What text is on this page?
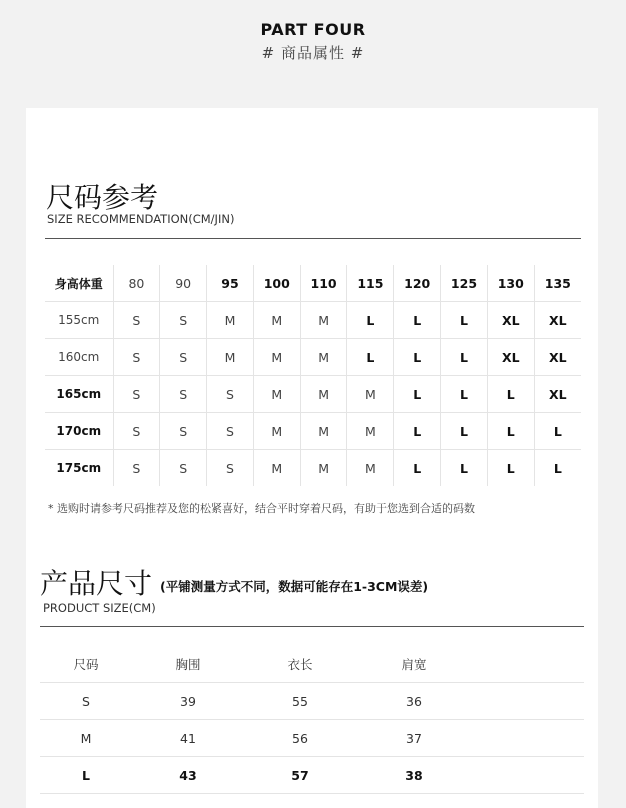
PART FOUR
# 商品属性 #
尺码参考
SIZE RECOMMENDATION(CM/JIN)
身高体重	80	90	95	100	110	115	120	125	130	135
155cm	S	S	M	M	M	L	L	L	XL	XL
160cm	S	S	M	M	M	L	L	L	XL	XL
165cm	S	S	S	M	M	M	L	L	L	XL
170cm	S	S	S	M	M	M	L	L	L	L
175cm	S	S	S	M	M	M	L	L	L	L
* 选购时请参考尺码推荐及您的松紧喜好，结合平时穿着尺码，有助于您选到合适的码数
产品尺寸 (平铺测量方式不同，数据可能存在1-3CM误差)
PRODUCT SIZE(CM)
尺码	胸围	衣长	肩宽	
S	39	55	36	
M	41	56	37	
L	43	57	38	
